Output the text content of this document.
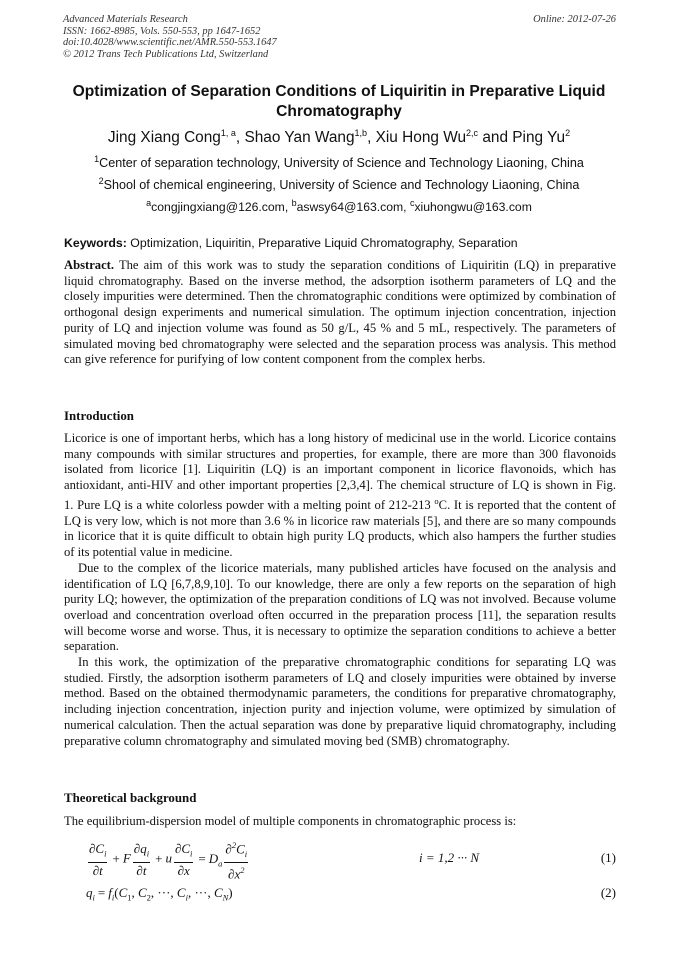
Advanced Materials Research
ISSN: 1662-8985, Vols. 550-553, pp 1647-1652
doi:10.4028/www.scientific.net/AMR.550-553.1647
© 2012 Trans Tech Publications Ltd, Switzerland
Online: 2012-07-26
Optimization of Separation Conditions of Liquiritin in Preparative Liquid Chromatography
Jing Xiang Cong$^{1, a}$, Shao Yan Wang$^{1,b}$, Xiu Hong Wu$^{2,c}$ and Ping Yu$^2$
$^1$Center of separation technology, University of Science and Technology Liaoning, China
$^2$Shool of chemical engineering, University of Science and Technology Liaoning, China
$^a$congjingxiang@126.com, $^b$aswsy64@163.com, $^c$xiuhongwu@163.com
Keywords: Optimization, Liquiritin, Preparative Liquid Chromatography, Separation

Abstract. The aim of this work was to study the separation conditions of Liquiritin (LQ) in preparative liquid chromatography. Based on the inverse method, the adsorption isotherm parameters of LQ and the closely impurities were determined. Then the chromatographic conditions were optimized by combination of orthogonal design experiments and numerical simulation. The optimum injection concentration, injection purity of LQ and injection volume was found as 50 g/L, 45 % and 5 mL, respectively. The parameters of simulated moving bed chromatography were selected and the separation process was analysis. This method can give reference for purifying of low content component from the complex herbs.

Introduction

Licorice is one of important herbs, which has a long history of medicinal use in the world. Licorice contains many compounds with similar structures and properties, for example, there are more than 300 flavonoids isolated from licorice [1]. Liquiritin (LQ) is an important component in licorice flavonoids, which has antioxidant, anti-HIV and other important properties [2,3,4]. The chemical structure of LQ is shown in Fig. 1. Pure LQ is a white colorless powder with a melting point of 212-213 $^o$C. It is reported that the content of LQ is very low, which is not more than 3.6 % in licorice raw materials [5], and there are so many compounds in licorice that it is quite difficult to obtain high purity LQ products, which also hampers the further studies of its potential value in medicine.

Due to the complex of the licorice materials, many published articles have focused on the analysis and identification of LQ [6,7,8,9,10]. To our knowledge, there are only a few reports on the separation of high purity LQ; however, the optimization of the preparation conditions of LQ was not involved. Because volume overload and concentration overload often occurred in the preparation process [11], the separation results will become worse and worse. Thus, it is necessary to optimize the separation conditions to achieve a better separation.

In this work, the optimization of the preparative chromatographic conditions for separating LQ was studied. Firstly, the adsorption isotherm parameters of LQ and closely impurities were obtained by inverse method. Based on the obtained thermodynamic parameters, the conditions for preparative chromatography, including injection concentration, injection purity and injection volume, were optimized by simulation of numerical calculation. Then the actual separation was done by preparative liquid chromatography, including preparative column chromatography and simulated moving bed (SMB) chromatography.

Theoretical background

The equilibrium-dispersion model of multiple components in chromatographic process is:

$\frac{\partial C_i}{\partial t} + F \frac{\partial q_i}{\partial t} + u \frac{\partial C_i}{\partial x} = D_a \frac{\partial^2C_i}{\partial x^2}$	i = 1,2 ··· N	(1)
$q_i = f_i(C_1$, $C_2$, ···, $C_i$, ···, $C_N$)	(2)
